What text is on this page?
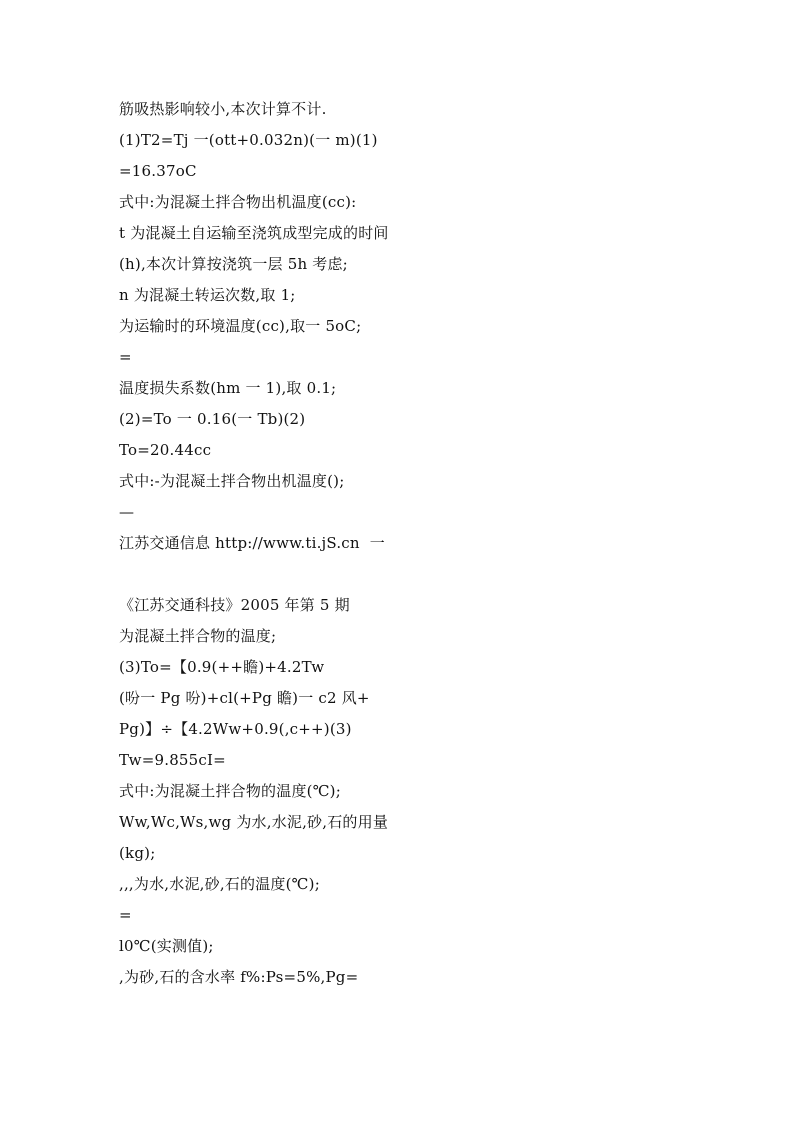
筋吸热影响较小,本次计算不计.
(1)T2=Tj 一(ott+0.032n)(一 m)(1)
=16.37oC
式中:为混凝土拌合物出机温度(cc):
t 为混凝土自运输至浇筑成型完成的时间
(h),本次计算按浇筑一层 5h 考虑;
n 为混凝土转运次数,取 1;
为运输时的环境温度(cc),取一 5oC;
=
温度损失系数(hm 一 1),取 0.1;
(2)=To 一 0.16(一 Tb)(2)
To=20.44cc
式中:-为混凝土拌合物出机温度();
—
江苏交通信息 http://www.ti.jS.cn  一
《江苏交通科技》2005 年第 5 期
为混凝土拌合物的温度;
(3)To=【0.9(++瞻)+4.2Tw
(吩一 Pg 吩)+cl(+Pg 瞻)一 c2 风+
Pg)】÷【4.2Ww+0.9(,c++)(3)
Tw=9.855cI=
式中:为混凝土拌合物的温度(℃);
Ww,Wc,Ws,wg 为水,水泥,砂,石的用量
(kg);
,,,为水,水泥,砂,石的温度(℃);
=
l0℃(实测值);
,为砂,石的含水率 f%:Ps=5%,Pg=
